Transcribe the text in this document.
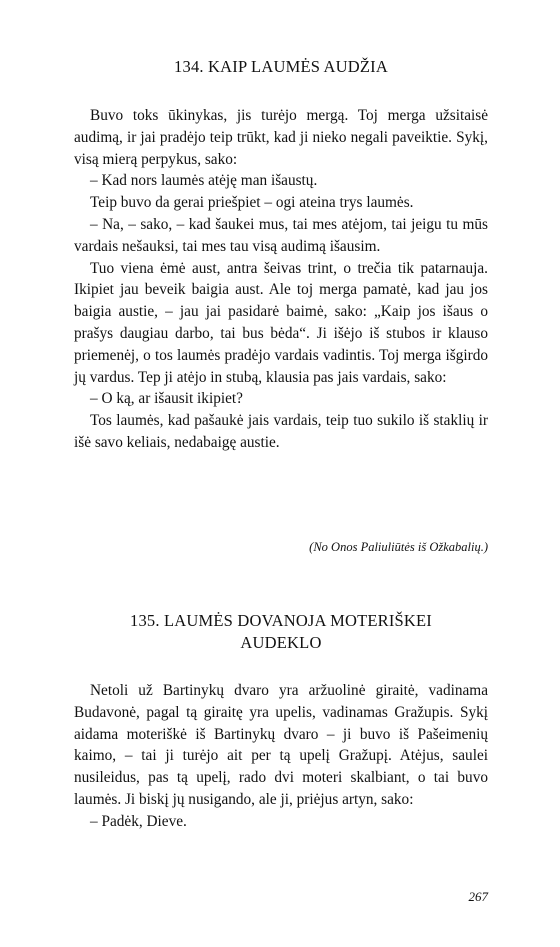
134. KAIP LAUMĖS AUDŽIA

Buvo toks ūkinykas, jis turėjo mergą. Toj merga užsitaisė audimą, ir jai pradėjo teip trūkt, kad ji nieko negali paveiktie. Sykį, visą mierą perpykus, sako:

– Kad nors laumės atėję man išaustų.

Teip buvo da gerai priešpiet – ogi ateina trys laumės.

– Na, – sako, – kad šaukei mus, tai mes atėjom, tai jeigu tu mūs vardais nešauksi, tai mes tau visą audimą išausim.

Tuo viena ėmė aust, antra šeivas trint, o trečia tik patarnauja. Ikipiet jau beveik baigia aust. Ale toj merga pamatė, kad jau jos baigia austie, – jau jai pasidarė baimė, sako: „Kaip jos išaus o prašys daugiau darbo, tai bus bėda“. Ji išėjo iš stubos ir klauso priemenėj, o tos laumės pradėjo vardais vadintis. Toj merga išgirdo jų vardus. Tep ji atėjo in stubą, klausia pas jais vardais, sako:

– O ką, ar išausit ikipiet?

Tos laumės, kad pašaukė jais vardais, teip tuo sukilo iš staklių ir išė savo keliais, nedabaigę austie.

(No Onos Paliuliūtės iš Ožkabalių.)
135. LAUMĖS DOVANOJA MOTERIŠKEI
AUDEKLO

Netoli už Bartinykų dvaro yra aržuolinė giraitė, vadinama Budavonė, pagal tą giraitę yra upelis, vadinamas Gražupis. Sykį aidama moteriškė iš Bartinykų dvaro – ji buvo iš Pašeimenių kaimo, – tai ji turėjo ait per tą upelį Gražupį. Atėjus, saulei nusileidus, pas tą upelį, rado dvi moteri skalbiant, o tai buvo laumės. Ji biskį jų nusigando, ale ji, priėjus artyn, sako:

– Padėk, Dieve.

267
